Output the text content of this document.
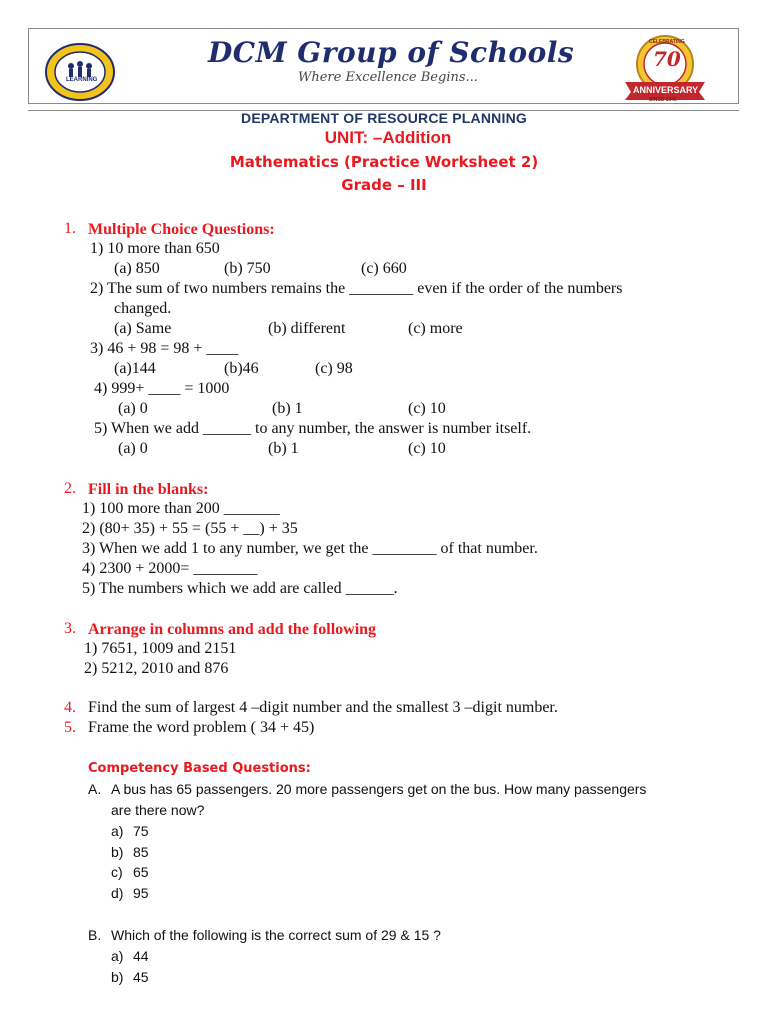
LEARNING
DCM Group of Schools
Where Excellence Begins...
CELEBRATING
70
ANNIVERSARY
SINCE 1946
DEPARTMENT OF RESOURCE PLANNING
UNIT: –Addition
Mathematics (Practice Worksheet 2)
Grade – III
1. Multiple Choice Questions:
1) 10 more than 650
(a) 850	(b) 750	(c) 660
2) The sum of two numbers remains the ________ even if the order of the numbers
changed.
(a) Same	(b) different	(c) more
3) 46 + 98 = 98 + ____
(a)144	(b)46	(c) 98
4) 999+ ____ = 1000
(a) 0	(b) 1	(c) 10
5) When we add ______ to any number, the answer is number itself.
(a) 0	(b) 1	(c) 10
2. Fill in the blanks:
1) 100 more than 200 _______
2) (80+ 35) + 55 = (55 + __) + 35
3) When we add 1 to any number, we get the ________ of that number.
4) 2300 + 2000= ________
5) The numbers which we add are called ______.
3. Arrange in columns and add the following
1) 7651, 1009 and 2151
2) 5212, 2010 and 876
4. Find the sum of largest 4 –digit number and the smallest 3 –digit number.
5. Frame the word problem ( 34 + 45)
Competency Based Questions:
A. A bus has 65 passengers. 20 more passengers get on the bus. How many passengers
are there now?
a) 75
b) 85
c) 65
d) 95
B. Which of the following is the correct sum of 29 & 15 ?
a) 44
b) 45
